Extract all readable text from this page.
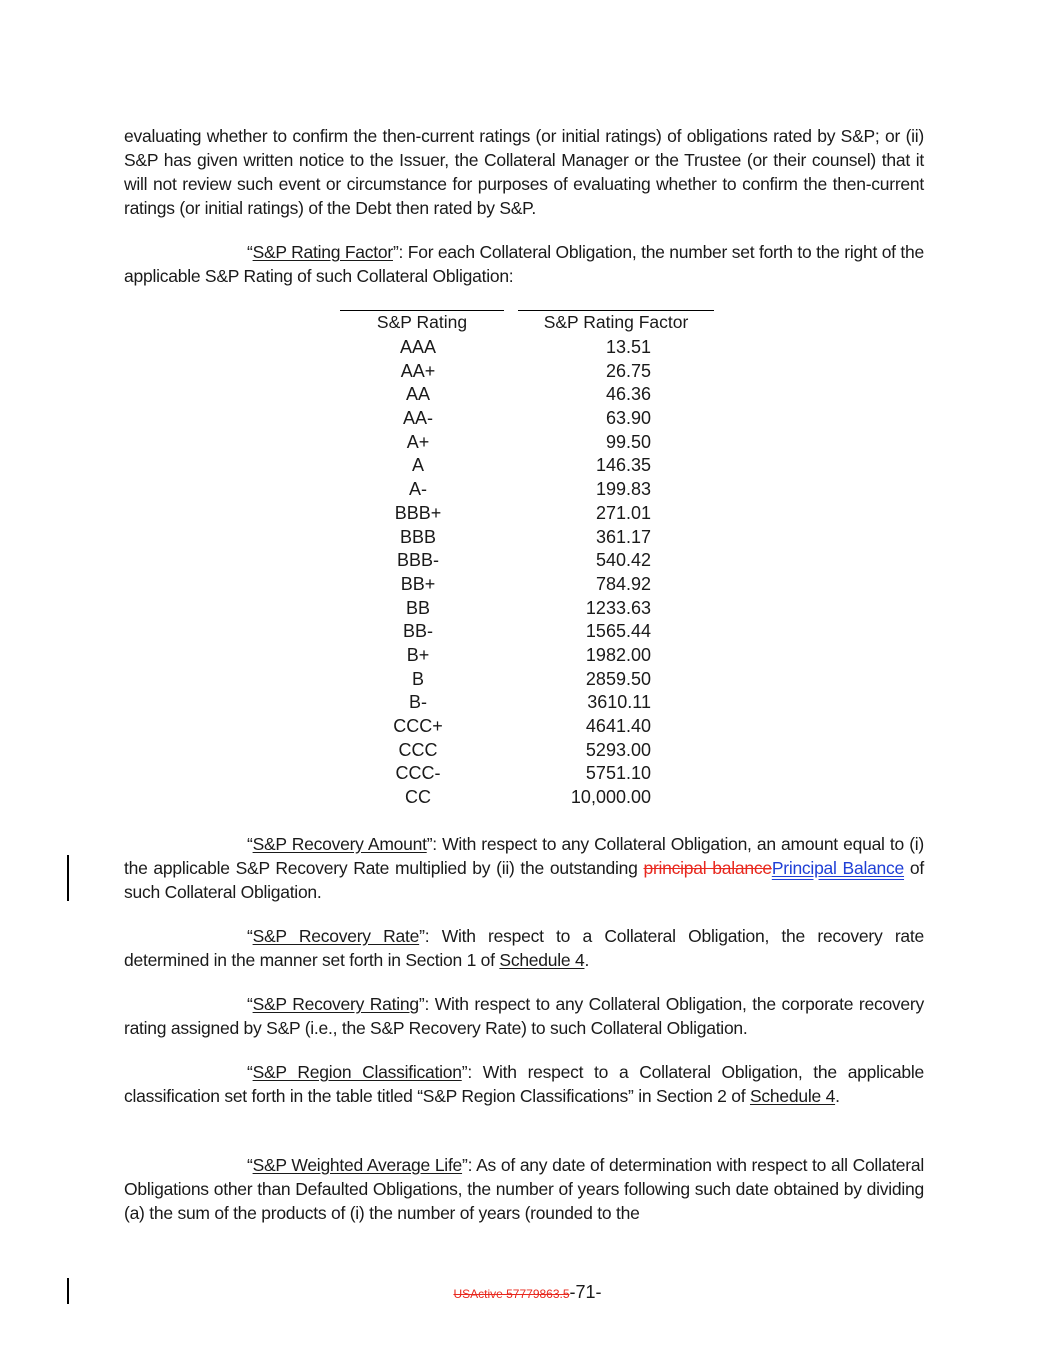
evaluating whether to confirm the then-current ratings (or initial ratings) of obligations rated by S&P; or (ii) S&P has given written notice to the Issuer, the Collateral Manager or the Trustee (or their counsel) that it will not review such event or circumstance for purposes of evaluating whether to confirm the then-current ratings (or initial ratings) of the Debt then rated by S&P.
“S&P Rating Factor”: For each Collateral Obligation, the number set forth to the right of the applicable S&P Rating of such Collateral Obligation:
S&P Rating	S&P Rating Factor
AAA	13.51
AA+	26.75
AA	46.36
AA-	63.90
A+	99.50
A	146.35
A-	199.83
BBB+	271.01
BBB	361.17
BBB-	540.42
BB+	784.92
BB	1233.63
BB-	1565.44
B+	1982.00
B	2859.50
B-	3610.11
CCC+	4641.40
CCC	5293.00
CCC-	5751.10
CC	10,000.00
“S&P Recovery Amount”: With respect to any Collateral Obligation, an amount equal to (i) the applicable S&P Recovery Rate multiplied by (ii) the outstanding principal balancePrincipal Balance of such Collateral Obligation.
“S&P Recovery Rate”: With respect to a Collateral Obligation, the recovery rate determined in the manner set forth in Section 1 of Schedule 4.
“S&P Recovery Rating”: With respect to any Collateral Obligation, the corporate recovery rating assigned by S&P (i.e., the S&P Recovery Rate) to such Collateral Obligation.
“S&P Region Classification”: With respect to a Collateral Obligation, the applicable classification set forth in the table titled “S&P Region Classifications” in Section 2 of Schedule 4.
“S&P Weighted Average Life”: As of any date of determination with respect to all Collateral Obligations other than Defaulted Obligations, the number of years following such date obtained by dividing (a) the sum of the products of (i) the number of years (rounded to the
USActive 57779863.5-71-
